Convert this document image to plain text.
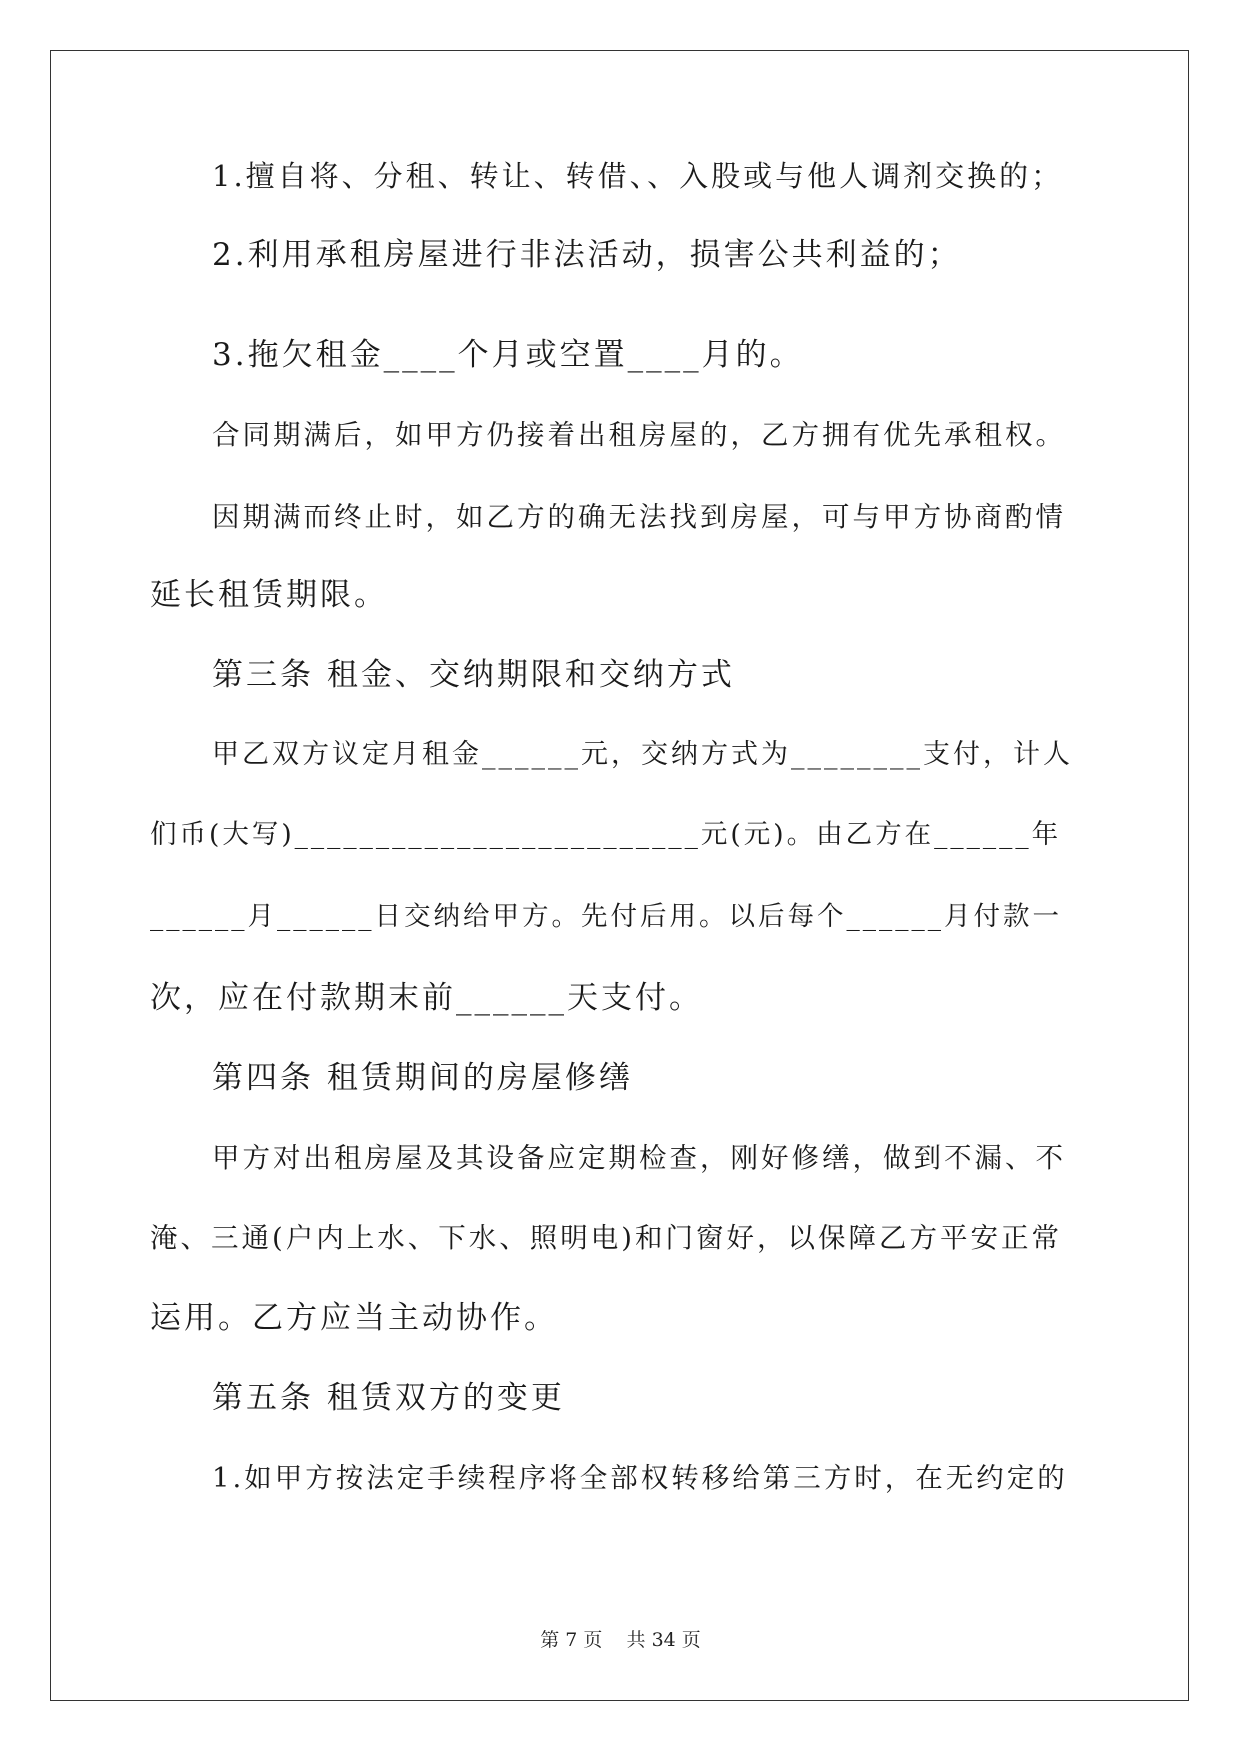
1.擅自将、分租、转让、转借、、入股或与他人调剂交换的；
2.利用承租房屋进行非法活动，损害公共利益的；
3.拖欠租金____个月或空置____月的。
合同期满后，如甲方仍接着出租房屋的，乙方拥有优先承租权。
因期满而终止时，如乙方的确无法找到房屋，可与甲方协商酌情
延长租赁期限。
第三条 租金、交纳期限和交纳方式
甲乙双方议定月租金______元，交纳方式为________支付，计人
们币(大写)_________________________元(元)。由乙方在______年
______月______日交纳给甲方。先付后用。以后每个______月付款一
次，应在付款期末前______天支付。
第四条 租赁期间的房屋修缮
甲方对出租房屋及其设备应定期检查，刚好修缮，做到不漏、不
淹、三通(户内上水、下水、照明电)和门窗好，以保障乙方平安正常
运用。乙方应当主动协作。
第五条 租赁双方的变更
1.如甲方按法定手续程序将全部权转移给第三方时，在无约定的
第 7 页    共 34 页
